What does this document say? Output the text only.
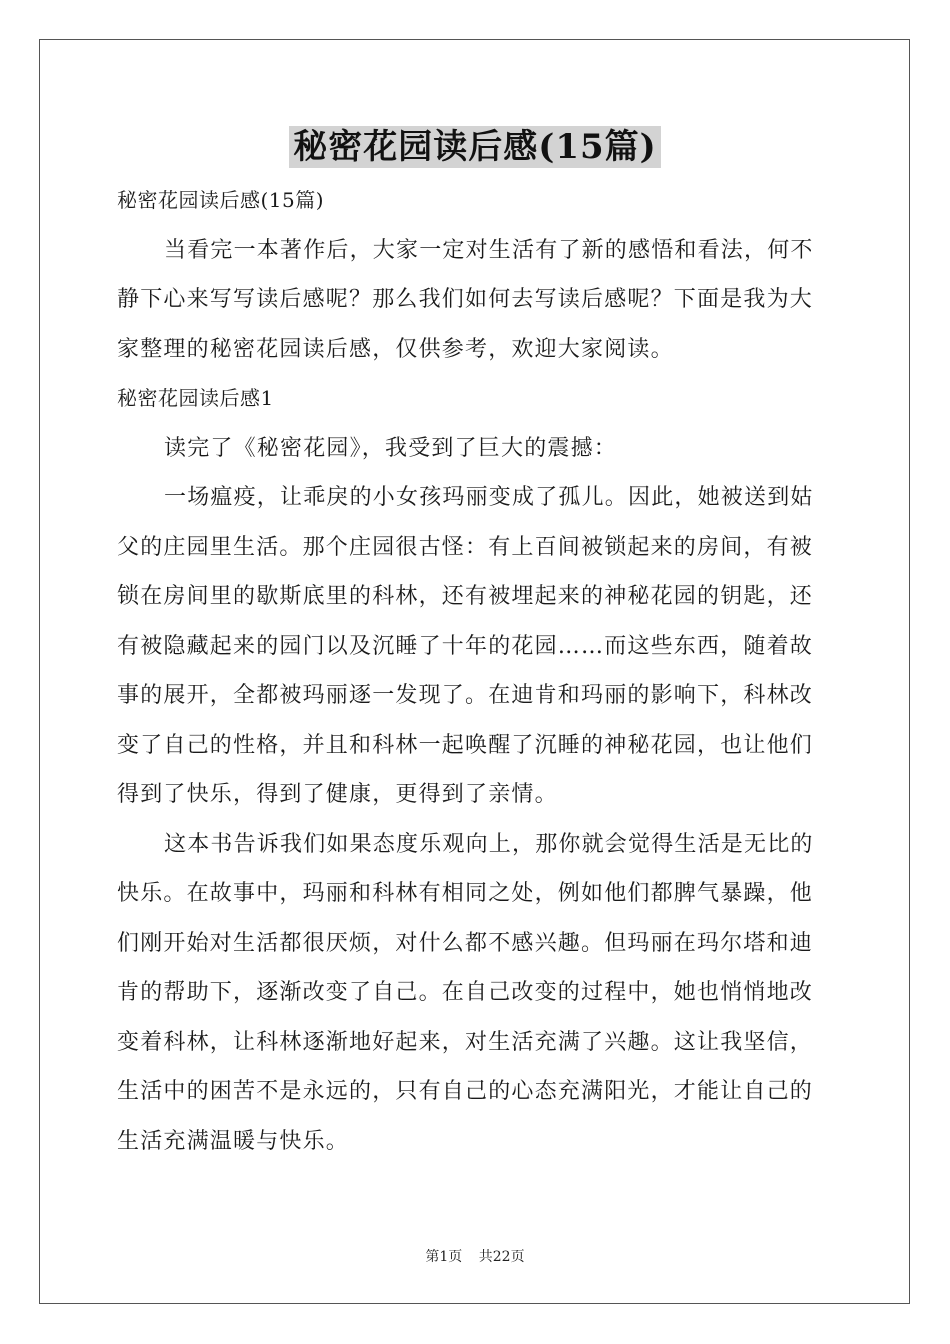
秘密花园读后感(15篇)
秘密花园读后感(15篇)
当看完一本著作后，大家一定对生活有了新的感悟和看法，何不
静下心来写写读后感呢？那么我们如何去写读后感呢？下面是我为大
家整理的秘密花园读后感，仅供参考，欢迎大家阅读。
秘密花园读后感1
读完了《秘密花园》，我受到了巨大的震撼：
一场瘟疫，让乖戾的小女孩玛丽变成了孤儿。因此，她被送到姑
父的庄园里生活。那个庄园很古怪：有上百间被锁起来的房间，有被
锁在房间里的歇斯底里的科林，还有被埋起来的神秘花园的钥匙，还
有被隐藏起来的园门以及沉睡了十年的花园……而这些东西，随着故
事的展开，全都被玛丽逐一发现了。在迪肯和玛丽的影响下，科林改
变了自己的性格，并且和科林一起唤醒了沉睡的神秘花园，也让他们
得到了快乐，得到了健康，更得到了亲情。
这本书告诉我们如果态度乐观向上，那你就会觉得生活是无比的
快乐。在故事中，玛丽和科林有相同之处，例如他们都脾气暴躁，他
们刚开始对生活都很厌烦，对什么都不感兴趣。但玛丽在玛尔塔和迪
肯的帮助下，逐渐改变了自己。在自己改变的过程中，她也悄悄地改
变着科林，让科林逐渐地好起来，对生活充满了兴趣。这让我坚信，
生活中的困苦不是永远的，只有自己的心态充满阳光，才能让自己的
生活充满温暖与快乐。
第1页 共22页
